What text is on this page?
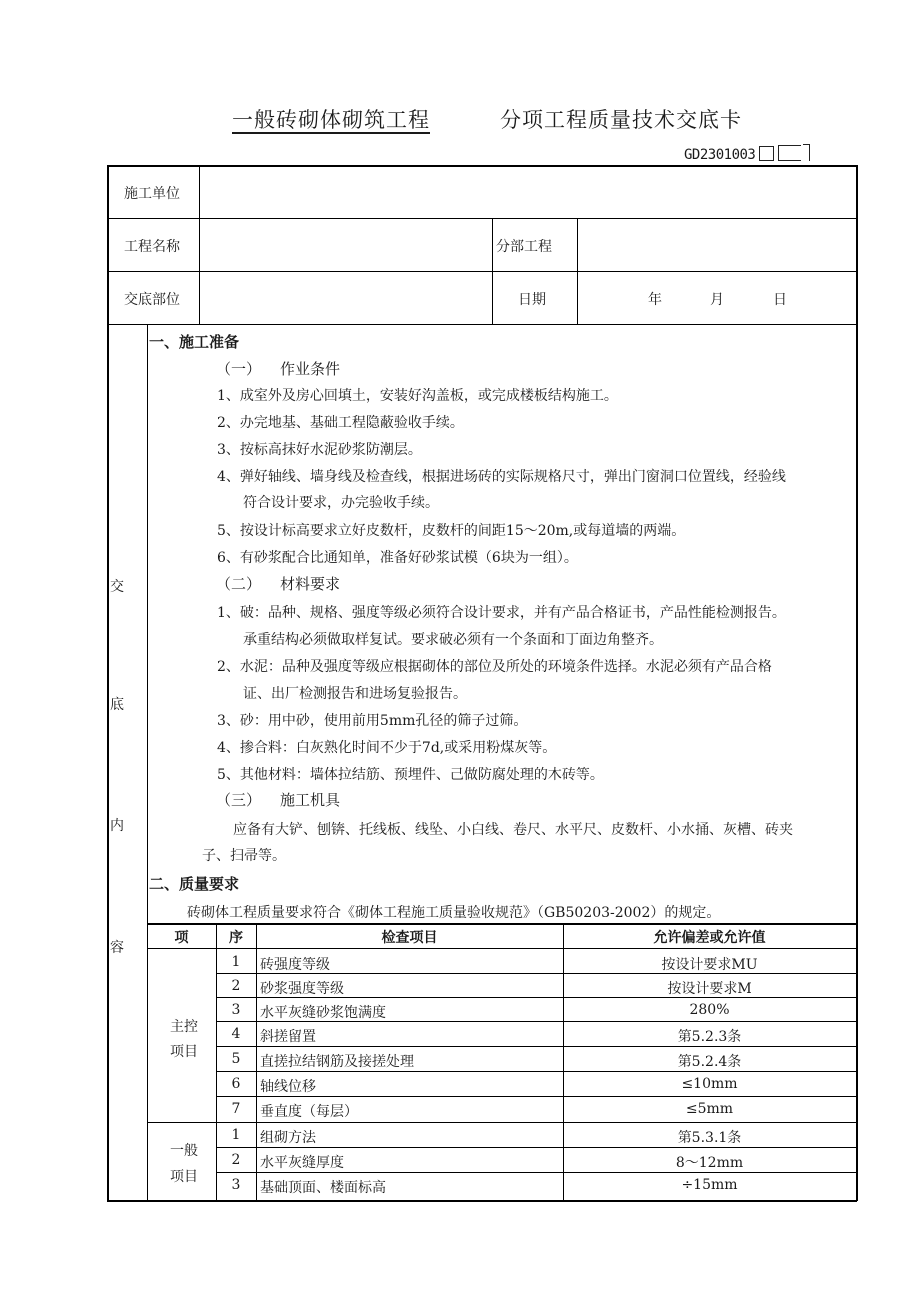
一般砖砌体砌筑工程	分项工程质量技术交底卡
GD2301003
施工单位
工程名称	分部工程
交底部位	日期	年	月	日
交
底
内
容
一、施工准备
（一） 作业条件
1、成室外及房心回填土，安装好沟盖板，或完成楼板结构施工。
2、办完地基、基础工程隐蔽验收手续。
3、按标高抹好水泥砂浆防潮层。
4、弹好轴线、墙身线及检查线，根据进场砖的实际规格尺寸，弹出门窗洞口位置线，经验线
符合设计要求，办完验收手续。
5、按设计标高要求立好皮数杆，皮数杆的间距15～20m,或每道墙的两端。
6、有砂浆配合比通知单，准备好砂浆试模（6块为一组）。
（二） 材料要求
1、破：品种、规格、强度等级必须符合设计要求，并有产品合格证书，产品性能检测报告。
承重结构必须做取样复试。要求破必须有一个条面和丁面边角整齐。
2、水泥：品种及强度等级应根据砌体的部位及所处的环境条件选择。水泥必须有产品合格
证、出厂检测报告和进场复验报告。
3、砂：用中砂，使用前用5mm孔径的筛子过筛。
4、掺合料：白灰熟化时间不少于7d,或采用粉煤灰等。
5、其他材料：墙体拉结筋、预埋件、己做防腐处理的木砖等。
（三） 施工机具
应备有大铲、刨锛、托线板、线坠、小白线、卷尺、水平尺、皮数杆、小水捅、灰槽、砖夹
子、扫帚等。
二、质量要求
砖砌体工程质量要求符合《砌体工程施工质量验收规范》（GB50203-2002）的规定。
项	序	检查项目	允许偏差或允许值
主控
项目
一般
项目
1	砖强度等级	按设计要求MU
2	砂浆强度等级	按设计要求M
3	水平灰缝砂浆饱满度	280%
4	斜搓留置	第5.2.3条
5	直搓拉结钢筋及接搓处理	第5.2.4条
6	轴线位移	≤10mm
7	垂直度（每层）	≤5mm
1	组砌方法	第5.3.1条
2	水平灰缝厚度	8～12mm
3	基础顶面、楼面标高	÷15mm
